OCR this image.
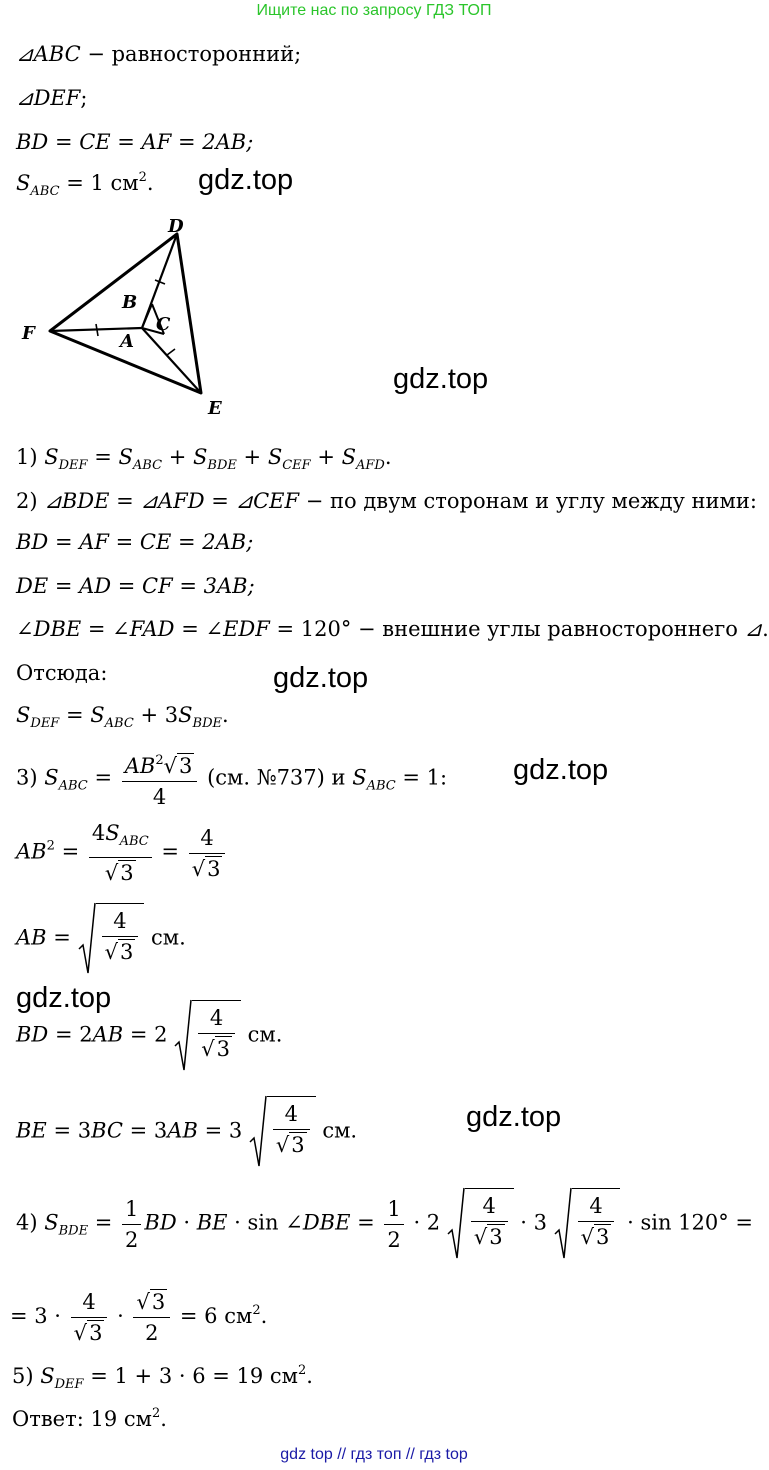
Ищите нас по запросу ГДЗ ТОП
⊿ABC − равносторонний;
⊿DEF;
BD = CE = AF = 2AB;
$S_{ABC} = 1$ $см^2$. gdz.top
D
F
E
A
B
C
gdz.top
1) $S_{DEF} = S_{ABC} + S_{BDE} + S_{CEF} + S_{AFD}$.
2) ⊿BDE = ⊿AFD = ⊿CEF − по двум сторонам и углу между ними:
BD = AF = CE = 2AB;
DE = AD = CF = 3AB;
∠DBE = ∠FAD = ∠EDF = 120° − внешние углы равностороннего ⊿.
Отсюда:	gdz.top
$S_{DEF} = S_{ABC} + 3S_{BDE}$.
3) $S_{ABC} = \frac{AB^2√3}{4} (см$. №737) и $S_{ABC} = 1$: gdz.top
$AB^2 = \frac{4S_{ABC}}{√3} = \frac{4}{√3}$
AB = $\frac{4}{√3}$ см.
gdz.top
BD = $2AB = 2 \frac{4}{√3}$ см.
gdz.top
BE = $3BC = 3AB = 3 \frac{4}{√3}$ см.
4) $S_{BDE} = \frac{1}{2}$ BD · BE · sin ∠DBE = $\frac{1}{2} \cdot 2 \frac{4}{√3} \cdot 3 \frac{4}{√3} \cdot \sin 120^\circ$ =
= $3 \cdot \frac{4}{√3} \cdot \frac{√3}{2} = 6$ $см^2$.
5) $S_{DEF} = 1 + 3 \cdot 6 = 19$ $см^2$.
Ответ: 19 $см^2$.
gdz top // гдз топ // гдз top
